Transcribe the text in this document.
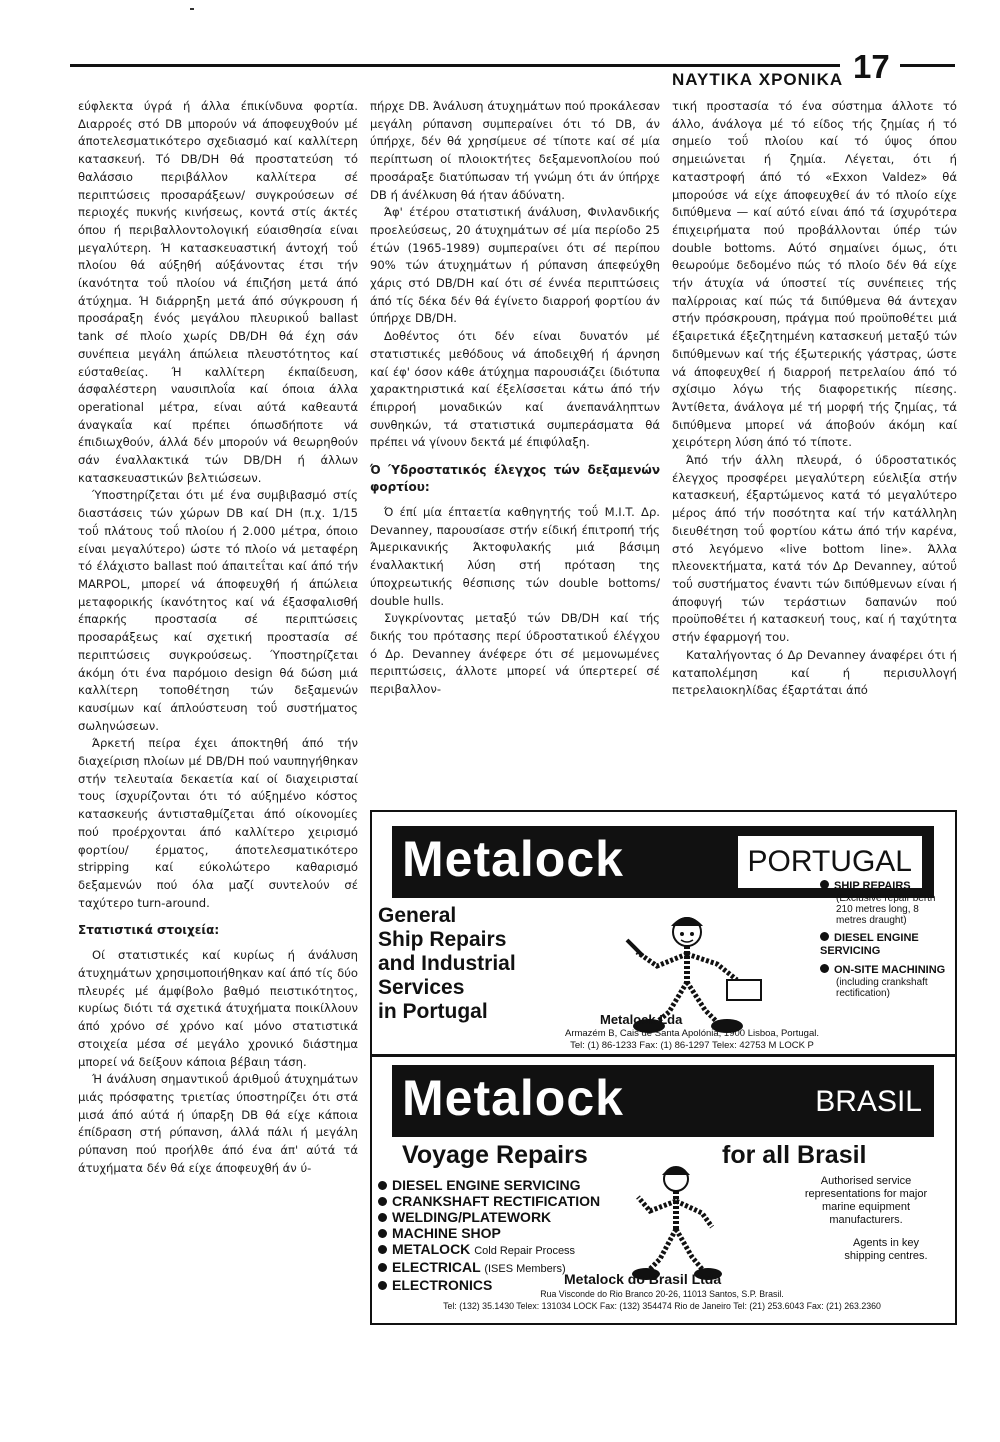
ΝΑΥΤΙΚΑ ΧΡΟΝΙΚΑ 17

εύφλεκτα ύγρά ή άλλα έπικίνδυνα φορτία. Διαρροές στό DB μπορούν νά άποφευχθούν μέ άποτελεσματικότερο σχεδιασμό καί καλλίτερη κατασκευή. Τό DB/DH θά προστατεύση τό θαλάσσιο περιβάλλον καλλίτερα σέ περιπτώσεις προσαράξεων/ συγκρούσεων σέ περιοχές πυκνής κινήσεως, κοντά στίς άκτές όπου ή περιβαλλοντολογική εύαισθησία είναι μεγαλύτερη. Ή κατασκευαστική άντοχή τοΰ πλοίου θά αύξηθή αύξάνοντας έτσι τήν ίκανότητα τοΰ πλοίου νά έπιζήση μετά άπό άτύχημα. Ή διάρρηξη μετά άπό σύγκρουση ή προσάραξη ένός μεγάλου πλευρικοΰ ballast tank σέ πλοίο χωρίς DB/DH θά έχη σάν συνέπεια μεγάλη άπώλεια πλευστότητος καί εύσταθείας. Ή καλλίτερη έκπαίδευση, άσφαλέστερη ναυσιπλοΐα καί όποια άλλα operational μέτρα, είναι αύτά καθεαυτά άναγκαΐα καί πρέπει όπωσδήποτε νά έπιδιωχθούν, άλλά δέν μπορούν νά θεωρηθούν σάν έναλλακτικά τών DB/DH ή άλλων κατασκευαστικών βελτιώσεων.

Ύποστηρίζεται ότι μέ ένα συμβιβασμό στίς διαστάσεις τών χώρων DB καί DH (π.χ. 1/15 τοΰ πλάτους τοΰ πλοίου ή 2.000 μέτρα, όποιο είναι μεγαλύτερο) ώστε τό πλοίο νά μεταφέρη τό έλάχιστο ballast πού άπαιτεΐται καί άπό τήν MARPOL, μπορεί νά άποφευχθή ή άπώλεια μεταφορικής ίκανότητος καί νά έξασφαλισθή έπαρκής προστασία σέ περιπτώσεις προσαράξεως καί σχετική προστασία σέ περιπτώσεις συγκρούσεως. Ύποστηρίζεται άκόμη ότι ένα παρόμοιο design θά δώση μιά καλλίτερη τοποθέτηση τών δεξαμενών καυσίμων καί άπλούστευση τοΰ συστήματος σωληνώσεων.

Άρκετή πείρα έχει άποκτηθή άπό τήν διαχείριση πλοίων μέ DB/DH πού ναυπηγήθηκαν στήν τελευταία δεκαετία καί οί διαχειρισταί τους ίσχυρίζονται ότι τό αύξημένο κόστος κατασκευής άντισταθμίζεται άπό οίκονομίες πού προέρχονται άπό καλλίτερο χειρισμό φορτίου/ έρματος, άποτελεσματικότερο stripping καί εύκολώτερο καθαρισμό δεξαμενών πού όλα μαζί συντελούν σέ ταχύτερο turn-around.

Στατιστικά στοιχεία:

Οί στατιστικές καί κυρίως ή άνάλυση άτυχημάτων χρησιμοποιήθηκαν καί άπό τίς δύο πλευρές μέ άμφίβολο βαθμό πειστικότητος, κυρίως διότι τά σχετικά άτυχήματα ποικίλλουν άπό χρόνο σέ χρόνο καί μόνο στατιστικά στοιχεία μέσα σέ μεγάλο χρονικό διάστημα μπορεί νά δείξουν κάποια βέβαιη τάση.

Ή άνάλυση σημαντικοΰ άριθμοΰ άτυχημάτων μιάς πρόσφατης τριετίας ύποστηρίζει ότι στά μισά άπό αύτά ή ύπαρξη DB θά είχε κάποια έπίδραση στή ρύπανση, άλλά πάλι ή μεγάλη ρύπανση πού προήλθε άπό ένα άπ' αύτά τά άτυχήματα δέν θά είχε άποφευχθή άν ύ-

πήρχε DB. Άνάλυση άτυχημάτων πού προκάλεσαν μεγάλη ρύπανση συμπεραίνει ότι τό DB, άν ύπήρχε, δέν θά χρησίμευε σέ τίποτε καί σέ μία περίπτωση οί πλοιοκτήτες δεξαμενοπλοίου πού προσάραξε διατύπωσαν τή γνώμη ότι άν ύπήρχε DB ή άνέλκυση θά ήταν άδύνατη.

Άφ' έτέρου στατιστική άνάλυση, Φινλανδικής προελεύσεως, 20 άτυχημάτων σέ μία περίοδο 25 έτών (1965-1989) συμπεραίνει ότι σέ περίπου 90% τών άτυχημάτων ή ρύπανση άπεφεύχθη χάρις στό DB/DH καί ότι σέ έννέα περιπτώσεις άπό τίς δέκα δέν θά έγίνετο διαρροή φορτίου άν ύπήρχε DB/DH.

Δοθέντος ότι δέν είναι δυνατόν μέ στατιστικές μεθόδους νά άποδειχθή ή άρνηση καί έφ' όσον κάθε άτύχημα παρουσιάζει ίδιότυπα χαρακτηριστικά καί έξελίσσεται κάτω άπό τήν έπιρροή μοναδικών καί άνεπανάληπτων συνθηκών, τά στατιστικά συμπεράσματα θά πρέπει νά γίνουν δεκτά μέ έπιφύλαξη.

Ό Ύδροστατικός έλεγχος τών δεξαμενών φορτίου:

Ό έπί μία έπταετία καθηγητής τοΰ M.I.T. Δρ. Devanney, παρουσίασε στήν είδική έπιτροπή τής Άμερικανικής Άκτοφυλακής μιά βάσιμη έναλλακτική λύση στή πρόταση της ύποχρεωτικής θέσπισης τών double bottoms/ double hulls.

Συγκρίνοντας μεταξύ τών DB/DH καί τής δικής του πρότασης περί ύδροστατικοΰ έλέγχου ό Δρ. Devanney άνέφερε ότι σέ μεμονωμένες περιπτώσεις, άλλοτε μπορεί νά ύπερτερεί σέ περιβαλλον-

τική προστασία τό ένα σύστημα άλλοτε τό άλλο, άνάλογα μέ τό είδος τής ζημίας ή τό σημείο τοΰ πλοίου καί τό ύψος όπου σημειώνεται ή ζημία. Λέγεται, ότι ή καταστροφή άπό τό «Exxon Valdez» θά μπορούσε νά είχε άποφευχθεί άν τό πλοίο είχε διπύθμενα — καί αύτό είναι άπό τά ίσχυρότερα έπιχειρήματα πού προβάλλονται ύπέρ τών double bottoms. Αύτό σημαίνει όμως, ότι θεωρούμε δεδομένο πώς τό πλοίο δέν θά είχε τήν άτυχία νά ύποστεί τίς συνέπειες τής παλίρροιας καί πώς τά διπύθμενα θά άντεχαν στήν πρόσκρουση, πράγμα πού προϋποθέτει μιά έξαιρετικά έξεζητημένη κατασκευή μεταξύ τών διπύθμενων καί τής έξωτερικής γάστρας, ώστε νά άποφευχθεί ή διαρροή πετρελαίου άπό τό σχίσιμο λόγω τής διαφορετικής πίεσης. Άντίθετα, άνάλογα μέ τή μορφή τής ζημίας, τά διπύθμενα μπορεί νά άποβούν άκόμη καί χειρότερη λύση άπό τό τίποτε.

Άπό τήν άλλη πλευρά, ό ύδροστατικός έλεγχος προσφέρει μεγαλύτερη εύελιξία στήν κατασκευή, έξαρτώμενος κατά τό μεγαλύτερο μέρος άπό τήν ποσότητα καί τήν κατάλληλη διευθέτηση τοΰ φορτίου κάτω άπό τήν καρένα, στό λεγόμενο «live bottom line». Άλλα πλεονεκτήματα, κατά τόν Δρ Devanney, αύτοΰ τοΰ συστήματος έναντι τών διπύθμενων είναι ή άποφυγή τών τεράστιων δαπανών πού προϋποθέτει ή κατασκευή τους, καί ή ταχύτητα στήν έφαρμογή του.

Καταλήγοντας ό Δρ Devanney άναφέρει ότι ή καταπολέμηση καί ή περισυλλογή πετρελαιοκηλίδας έξαρτάται άπό

Metalock	PORTUGAL
General
Ship Repairs
and Industrial
Services
in Portugal
SHIP REPAIRS
(Exclusive repair berth 210 metres long, 8 metres draught)
DIESEL ENGINE SERVICING
ON-SITE MACHINING
(including crankshaft rectification)
Metalock Lda
Armazém B, Cais de Santa Apolónia, 1900 Lisboa, Portugal.
Tel: (1) 86-1233 Fax: (1) 86-1297 Telex: 42753 M LOCK P
Metalock	BRASIL
Voyage Repairs	for all Brasil
DIESEL ENGINE SERVICING
CRANKSHAFT RECTIFICATION
WELDING/PLATEWORK
MACHINE SHOP
METALOCK Cold Repair Process
ELECTRICAL (ISES Members)
ELECTRONICS
Authorised service representations for major marine equipment manufacturers.
Agents in key shipping centres.
Metalock do Brasil Ltda
Rua Visconde do Rio Branco 20-26, 11013 Santos, S.P. Brasil.
Tel: (132) 35.1430 Telex: 131034 LOCK Fax: (132) 354474 Rio de Janeiro Tel: (21) 253.6043 Fax: (21) 263.2360
